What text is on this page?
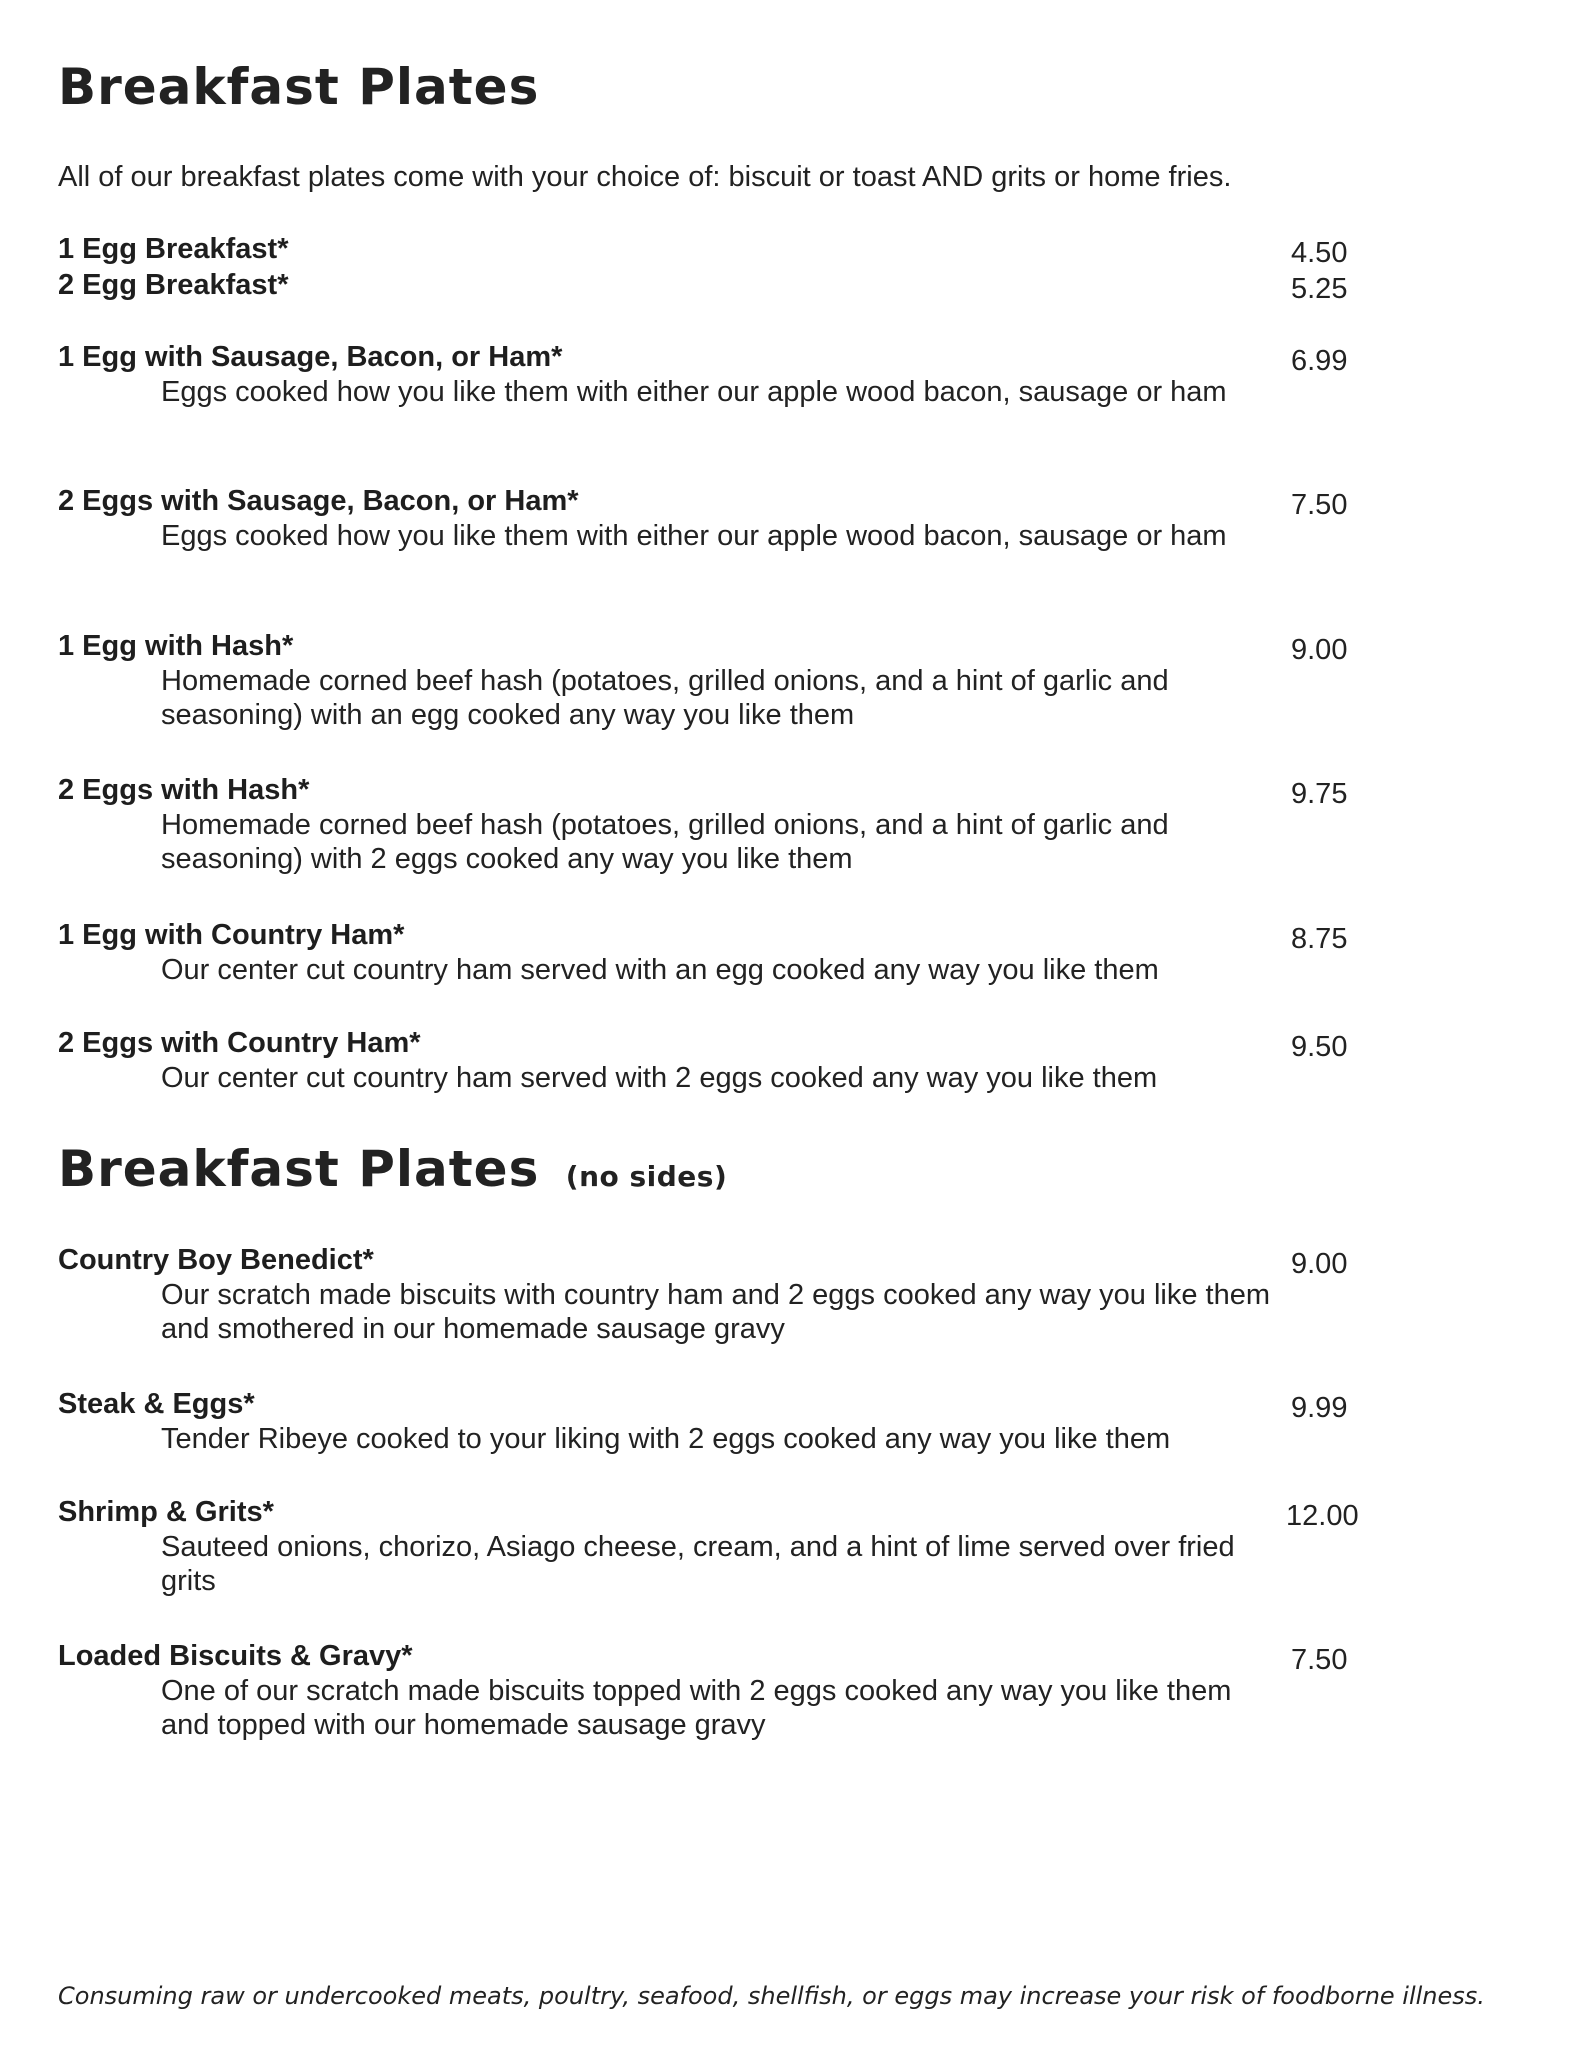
Breakfast Plates
All of our breakfast plates come with your choice of: biscuit or toast AND grits or home fries.
1 Egg Breakfast*	4.50
2 Egg Breakfast*	5.25
1 Egg with Sausage, Bacon, or Ham*
Eggs cooked how you like them with either our apple wood bacon, sausage or ham
6.99
2 Eggs with Sausage, Bacon, or Ham*
Eggs cooked how you like them with either our apple wood bacon, sausage or ham
7.50
1 Egg with Hash*
Homemade corned beef hash (potatoes, grilled onions, and a hint of garlic and seasoning) with an egg cooked any way you like them
9.00
2 Eggs with Hash*
Homemade corned beef hash (potatoes, grilled onions, and a hint of garlic and seasoning) with 2 eggs cooked any way you like them
9.75
1 Egg with Country Ham*
Our center cut country ham served with an egg cooked any way you like them
8.75
2 Eggs with Country Ham*
Our center cut country ham served with 2 eggs cooked any way you like them
9.50
Breakfast Plates (no sides)
Country Boy Benedict*
Our scratch made biscuits with country ham and 2 eggs cooked any way you like them and smothered in our homemade sausage gravy
9.00
Steak & Eggs*
Tender Ribeye cooked to your liking with 2 eggs cooked any way you like them
9.99
Shrimp & Grits*
Sauteed onions, chorizo, Asiago cheese, cream, and a hint of lime served over fried grits
12.00
Loaded Biscuits & Gravy*
One of our scratch made biscuits topped with 2 eggs cooked any way you like them and topped with our homemade sausage gravy
7.50
Consuming raw or undercooked meats, poultry, seafood, shellfish, or eggs may increase your risk of foodborne illness.
